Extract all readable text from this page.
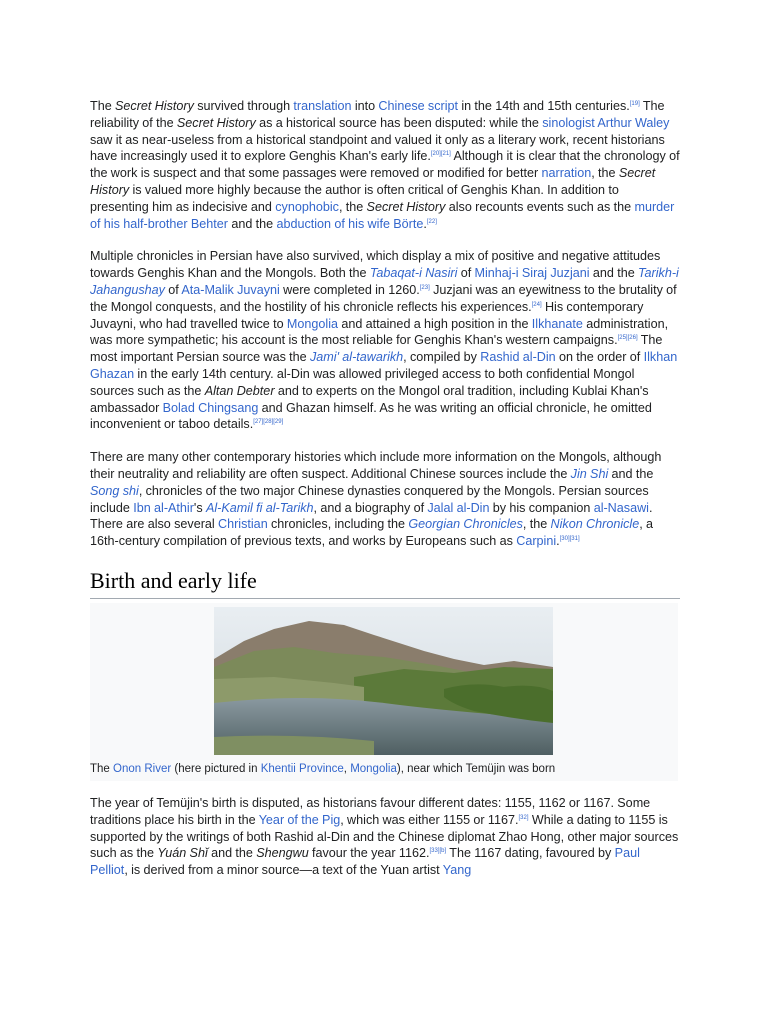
The Secret History survived through translation into Chinese script in the 14th and 15th centuries.[19] The reliability of the Secret History as a historical source has been disputed: while the sinologist Arthur Waley saw it as near-useless from a historical standpoint and valued it only as a literary work, recent historians have increasingly used it to explore Genghis Khan's early life.[20][21] Although it is clear that the chronology of the work is suspect and that some passages were removed or modified for better narration, the Secret History is valued more highly because the author is often critical of Genghis Khan. In addition to presenting him as indecisive and cynophobic, the Secret History also recounts events such as the murder of his half-brother Behter and the abduction of his wife Börte.[22]

Multiple chronicles in Persian have also survived, which display a mix of positive and negative attitudes towards Genghis Khan and the Mongols. Both the Tabaqat-i Nasiri of Minhaj-i Siraj Juzjani and the Tarikh-i Jahangushay of Ata-Malik Juvayni were completed in 1260.[23] Juzjani was an eyewitness to the brutality of the Mongol conquests, and the hostility of his chronicle reflects his experiences.[24] His contemporary Juvayni, who had travelled twice to Mongolia and attained a high position in the Ilkhanate administration, was more sympathetic; his account is the most reliable for Genghis Khan's western campaigns.[25][26] The most important Persian source was the Jami' al-tawarikh, compiled by Rashid al-Din on the order of Ilkhan Ghazan in the early 14th century. al-Din was allowed privileged access to both confidential Mongol sources such as the Altan Debter and to experts on the Mongol oral tradition, including Kublai Khan's ambassador Bolad Chingsang and Ghazan himself. As he was writing an official chronicle, he omitted inconvenient or taboo details.[27][28][29]

There are many other contemporary histories which include more information on the Mongols, although their neutrality and reliability are often suspect. Additional Chinese sources include the Jin Shi and the Song shi, chronicles of the two major Chinese dynasties conquered by the Mongols. Persian sources include Ibn al-Athir's Al-Kamil fi al-Tarikh, and a biography of Jalal al-Din by his companion al-Nasawi. There are also several Christian chronicles, including the Georgian Chronicles, the Nikon Chronicle, a 16th-century compilation of previous texts, and works by Europeans such as Carpini.[30][31]

Birth and early life
The Onon River (here pictured in Khentii Province, Mongolia), near which Temüjin was born

The year of Temüjin's birth is disputed, as historians favour different dates: 1155, 1162 or 1167. Some traditions place his birth in the Year of the Pig, which was either 1155 or 1167.[32] While a dating to 1155 is supported by the writings of both Rashid al-Din and the Chinese diplomat Zhao Hong, other major sources such as the Yuán Shǐ and the Shengwu favour the year 1162.[33][b] The 1167 dating, favoured by Paul Pelliot, is derived from a minor source—a text of the Yuan artist Yang
